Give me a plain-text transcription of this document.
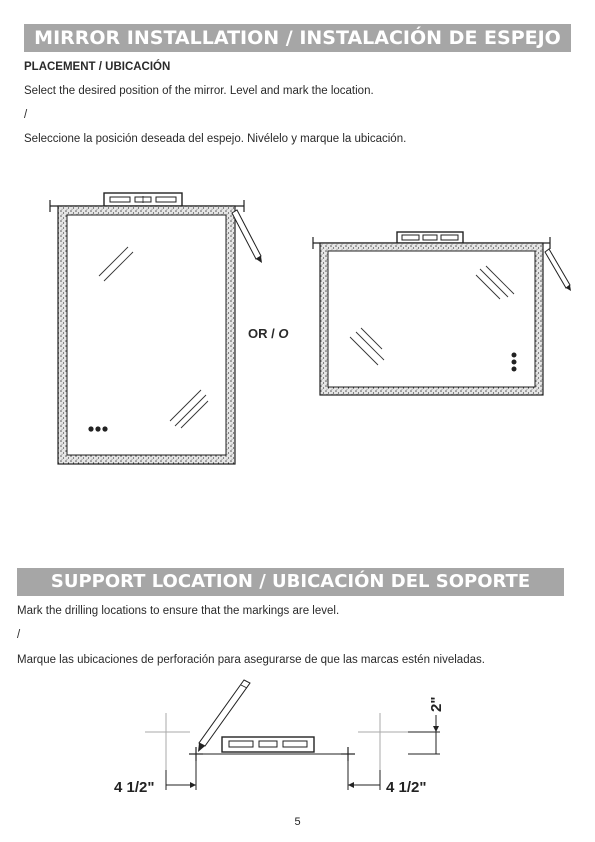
MIRROR INSTALLATION / INSTALACIÓN DE ESPEJO
PLACEMENT / UBICACIÓN
Select the desired position of the mirror. Level and mark the location.
/
Seleccione la posición deseada del espejo. Nivélelo y marque la ubicación.
OR / O
SUPPORT LOCATION / UBICACIÓN DEL SOPORTE
Mark the drilling locations to ensure that the markings are level.
/
Marque las ubicaciones de perforación para asegurarse de que las marcas estén niveladas.
4 1/2"	4 1/2"
2"
5
